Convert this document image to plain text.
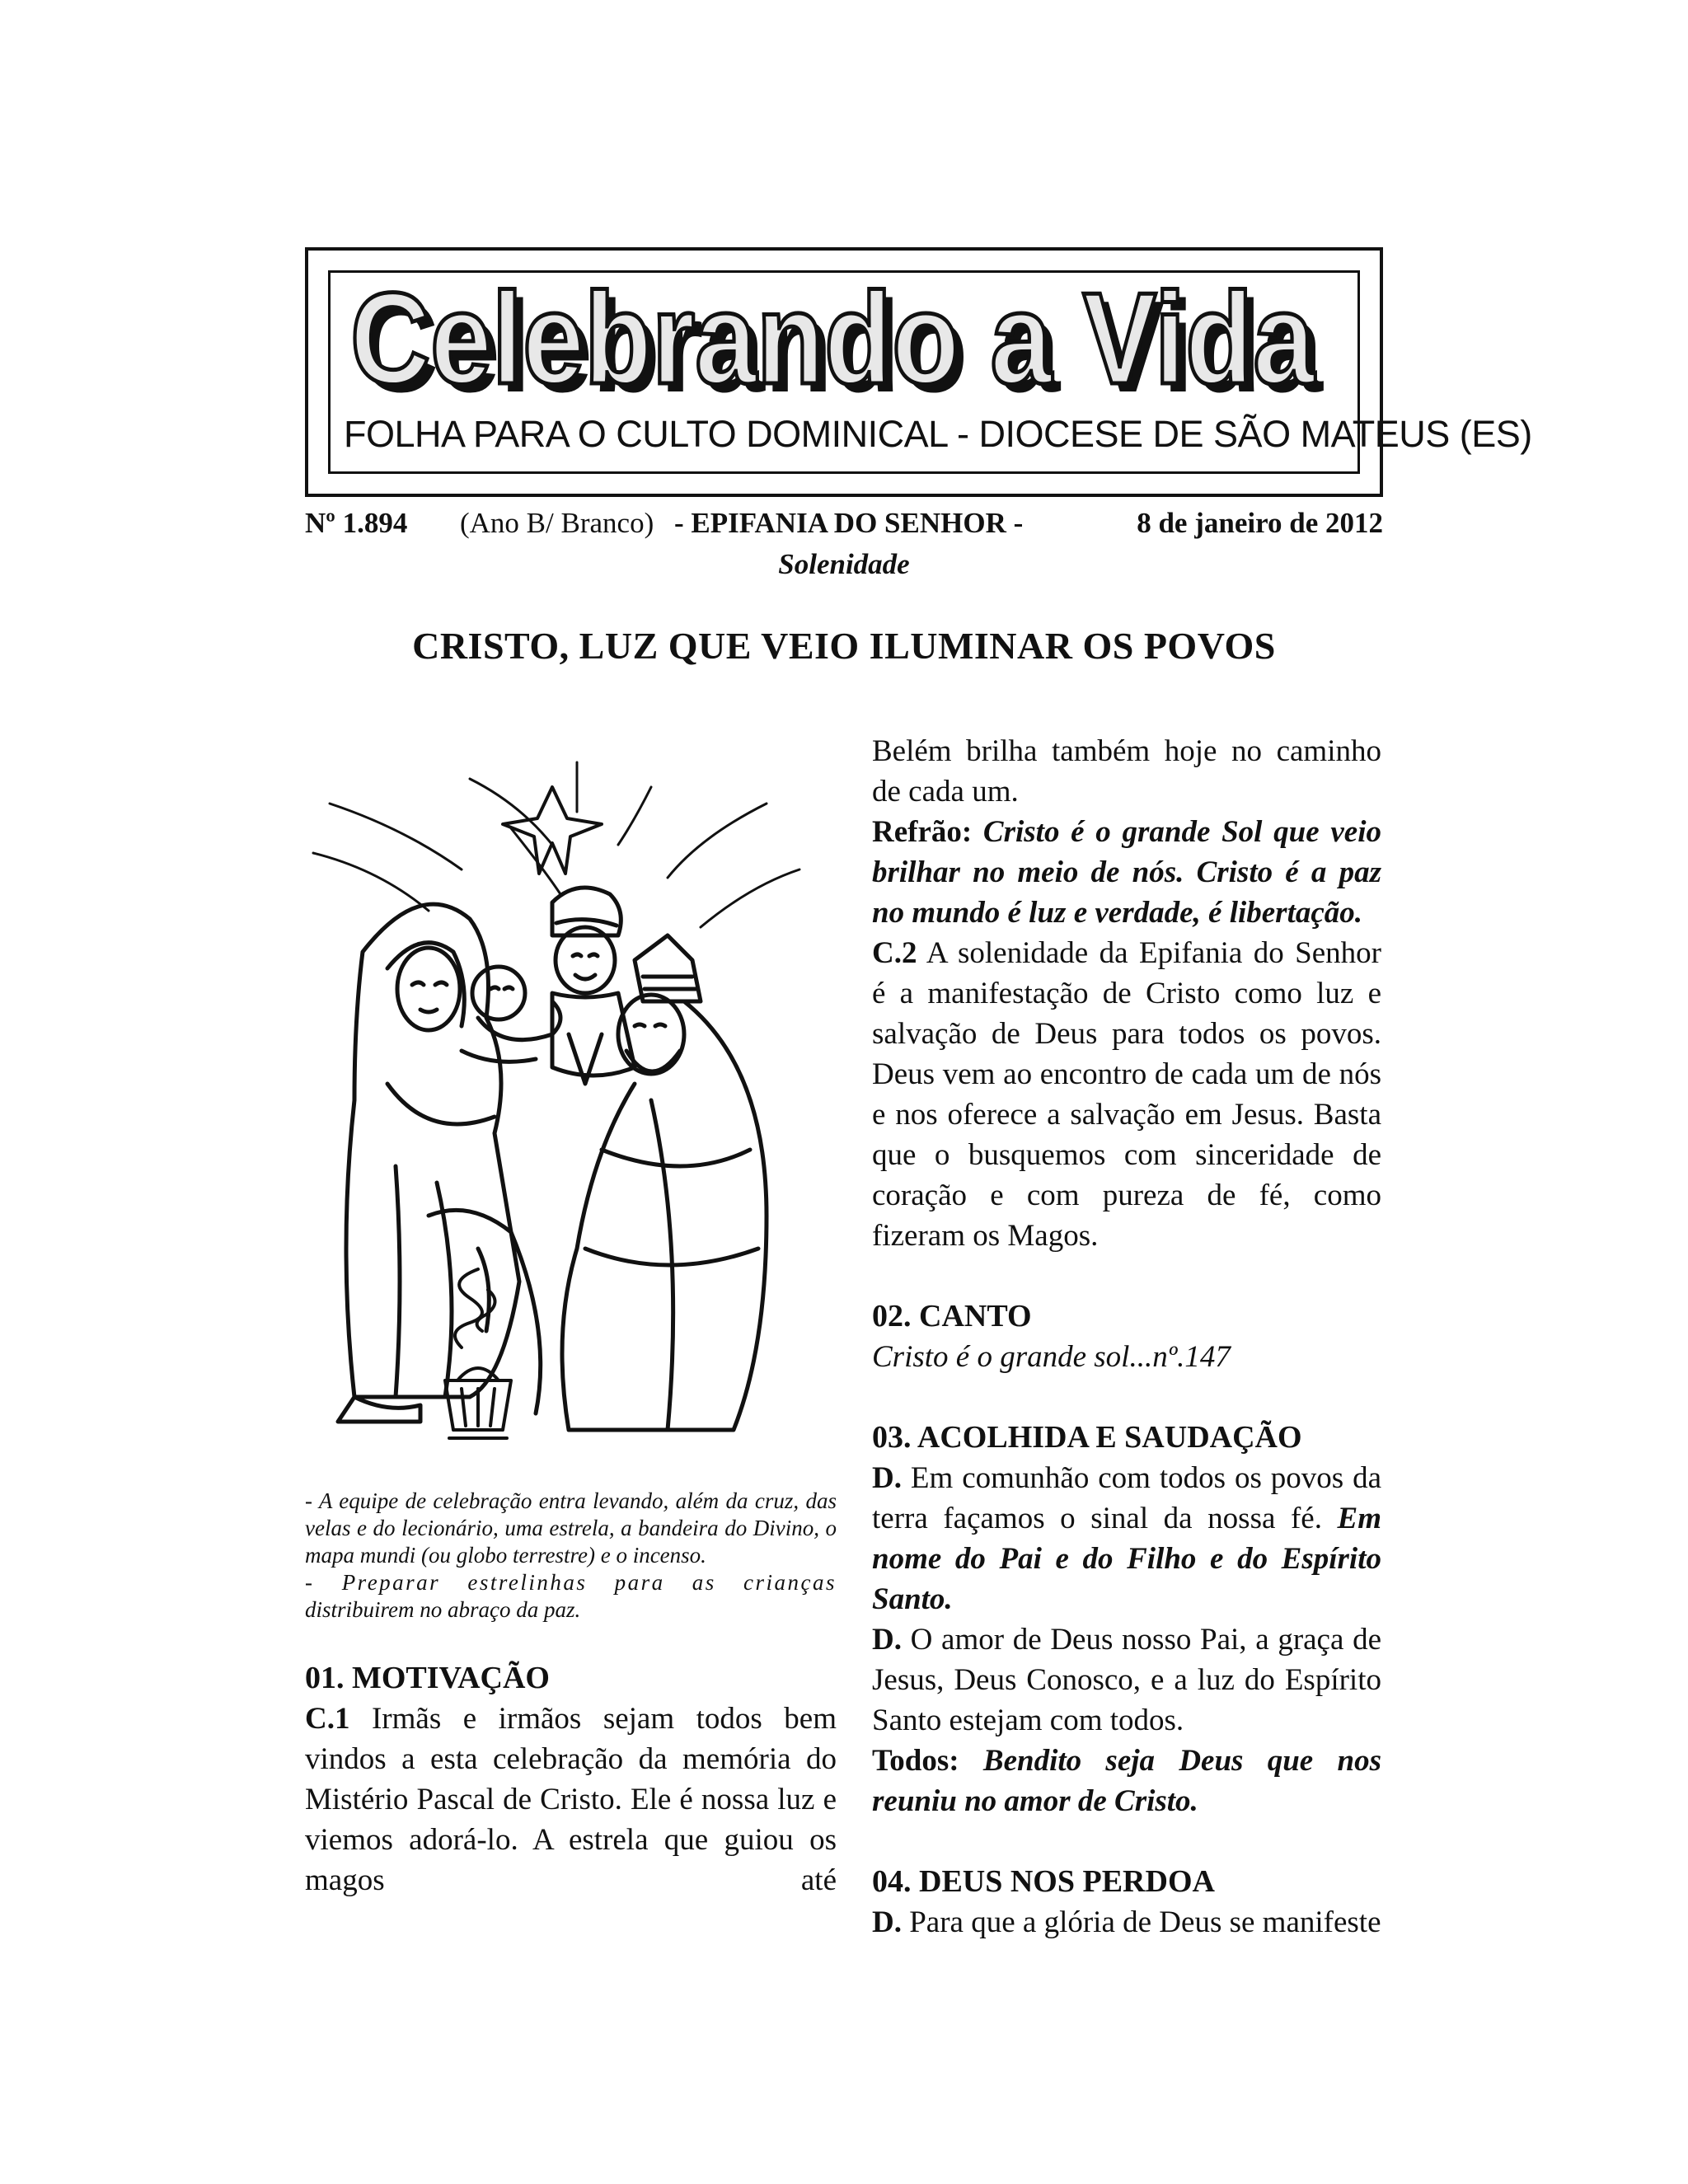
Celebrando a Vida
Celebrando a Vida
FOLHA PARA O CULTO DOMINICAL - DIOCESE DE SÃO MATEUS (ES)
Nº 1.894 (Ano B/ Branco) - EPIFANIA DO SENHOR -	8 de janeiro de 2012
Solenidade
CRISTO, LUZ QUE VEIO ILUMINAR OS POVOS

- A equipe de celebração entra levando, além da cruz, das velas e do lecionário, uma estrela, a bandeira do Divino, o mapa mundi (ou globo terrestre) e o incenso.

- Preparar estrelinhas para as crianças

distribuirem no abraço da paz.

01. MOTIVAÇÃO

C.1 Irmãs e irmãos sejam todos bem vindos a esta celebração da memória do Mistério Pascal de Cristo. Ele é nossa luz e viemos adorá-lo. A estrela que guiou os magos até

Belém brilha também hoje no caminho de cada um.

Refrão: Cristo é o grande Sol que veio brilhar no meio de nós. Cristo é a paz no mundo é luz e verdade, é libertação.

C.2 A solenidade da Epifania do Senhor é a manifestação de Cristo como luz e salvação de Deus para todos os povos. Deus vem ao encontro de cada um de nós e nos oferece a salvação em Jesus. Basta que o busquemos com sinceridade de coração e com pureza de fé, como fizeram os Magos.

02. CANTO

Cristo é o grande sol...nº.147

03. ACOLHIDA E SAUDAÇÃO

D. Em comunhão com todos os povos da terra façamos o sinal da nossa fé. Em nome do Pai e do Filho e do Espírito Santo.

D. O amor de Deus nosso Pai, a graça de Jesus, Deus Conosco, e a luz do Espírito Santo estejam com todos.

Todos: Bendito seja Deus que nos reuniu no amor de Cristo.

04. DEUS NOS PERDOA

D. Para que a glória de Deus se manifeste
